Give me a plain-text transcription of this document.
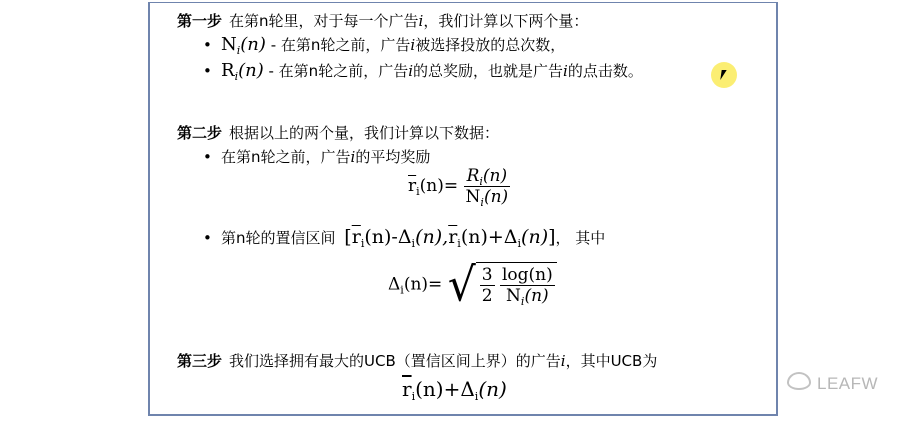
第一步 在第n轮里，对于每一个广告i，我们计算以下两个量：
• $N_i(n)$ - 在第n轮之前，广告i被选择投放的总次数，
• $R_i(n)$ - 在第n轮之前，广告i的总奖励，也就是广告i的点击数。
第二步 根据以上的两个量，我们计算以下数据：
• 在第n轮之前，广告i的平均奖励
$\overline{r}_i(n)= \frac{R_i(n)}{N_i(n)}$
• 第n轮的置信区间 $[\overline{r}_i(n)-\Delta_i(n),\overline{r}_i(n)+\Delta_i(n)]$， 其中
$\Delta_i(n)=$ √ $\frac{3}{2}$
$\frac{\log(n)}{N_i(n)}$
第三步 我们选择拥有最大的UCB（置信区间上界）的广告i，其中UCB为
$\overline{r}_i(n)+\Delta_i(n)$	LEAFW
